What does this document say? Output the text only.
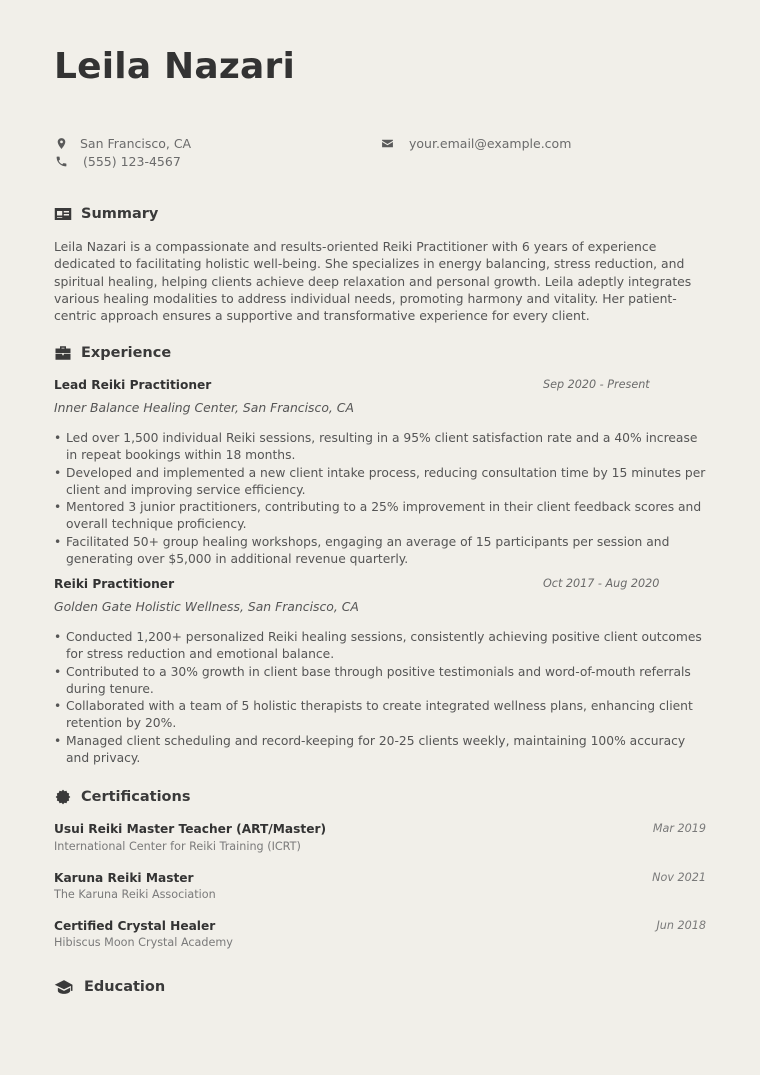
Leila Nazari
San Francisco, CA
(555) 123-4567
your.email@example.com
Summary

Leila Nazari is a compassionate and results-oriented Reiki Practitioner with 6 years of experience dedicated to facilitating holistic well-being. She specializes in energy balancing, stress reduction, and spiritual healing, helping clients achieve deep relaxation and personal growth. Leila adeptly integrates various healing modalities to address individual needs, promoting harmony and vitality. Her patient-centric approach ensures a supportive and transformative experience for every client.

Experience
Lead Reiki Practitioner	Sep 2020 - Present
Inner Balance Healing Center, San Francisco, CA
• Led over 1,500 individual Reiki sessions, resulting in a 95% client satisfaction rate and a 40% increase in repeat bookings within 18 months.
• Developed and implemented a new client intake process, reducing consultation time by 15 minutes per client and improving service efficiency.
• Mentored 3 junior practitioners, contributing to a 25% improvement in their client feedback scores and overall technique proficiency.
• Facilitated 50+ group healing workshops, engaging an average of 15 participants per session and generating over $5,000 in additional revenue quarterly.
Reiki Practitioner	Oct 2017 - Aug 2020
Golden Gate Holistic Wellness, San Francisco, CA
• Conducted 1,200+ personalized Reiki healing sessions, consistently achieving positive client outcomes for stress reduction and emotional balance.
• Contributed to a 30% growth in client base through positive testimonials and word-of-mouth referrals during tenure.
• Collaborated with a team of 5 holistic therapists to create integrated wellness plans, enhancing client retention by 20%.
• Managed client scheduling and record-keeping for 20-25 clients weekly, maintaining 100% accuracy and privacy.
Certifications
Usui Reiki Master Teacher (ART/Master)	Mar 2019
International Center for Reiki Training (ICRT)
Karuna Reiki Master	Nov 2021
The Karuna Reiki Association
Certified Crystal Healer	Jun 2018
Hibiscus Moon Crystal Academy
Education
